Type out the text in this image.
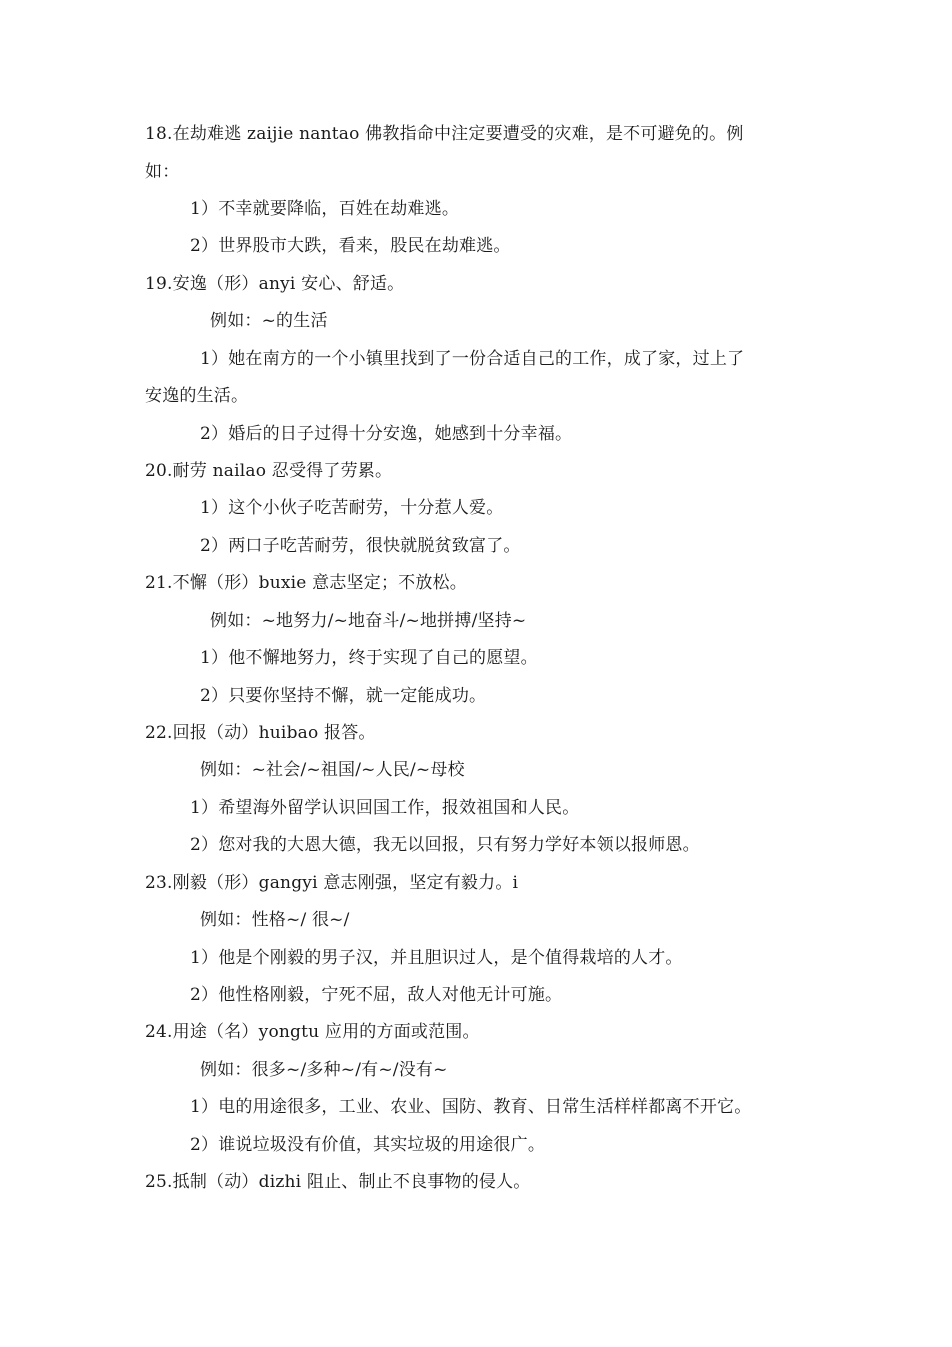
18.在劫难逃 zaijie nantao 佛教指命中注定要遭受的灾难，是不可避免的。例
如：
1）不幸就要降临，百姓在劫难逃。
2）世界股市大跌，看来，股民在劫难逃。
19.安逸（形）anyi 安心、舒适。
例如：~的生活
1）她在南方的一个小镇里找到了一份合适自己的工作，成了家，过上了
安逸的生活。
2）婚后的日子过得十分安逸，她感到十分幸福。
20.耐劳 nailao 忍受得了劳累。
1）这个小伙子吃苦耐劳，十分惹人爱。
2）两口子吃苦耐劳，很快就脱贫致富了。
21.不懈（形）buxie 意志坚定；不放松。
例如：~地努力/~地奋斗/~地拼搏/坚持~
1）他不懈地努力，终于实现了自己的愿望。
2）只要你坚持不懈，就一定能成功。
22.回报（动）huibao 报答。
例如：~社会/~祖国/~人民/~母校
1）希望海外留学认识回国工作，报效祖国和人民。
2）您对我的大恩大德，我无以回报，只有努力学好本领以报师恩。
23.刚毅（形）gangyi 意志刚强，坚定有毅力。i
例如：性格~/ 很~/
1）他是个刚毅的男子汉，并且胆识过人，是个值得栽培的人才。
2）他性格刚毅，宁死不屈，敌人对他无计可施。
24.用途（名）yongtu 应用的方面或范围。
例如：很多~/多种~/有~/没有~
1）电的用途很多，工业、农业、国防、教育、日常生活样样都离不开它。
2）谁说垃圾没有价值，其实垃圾的用途很广。
25.抵制（动）dizhi 阻止、制止不良事物的侵人。
